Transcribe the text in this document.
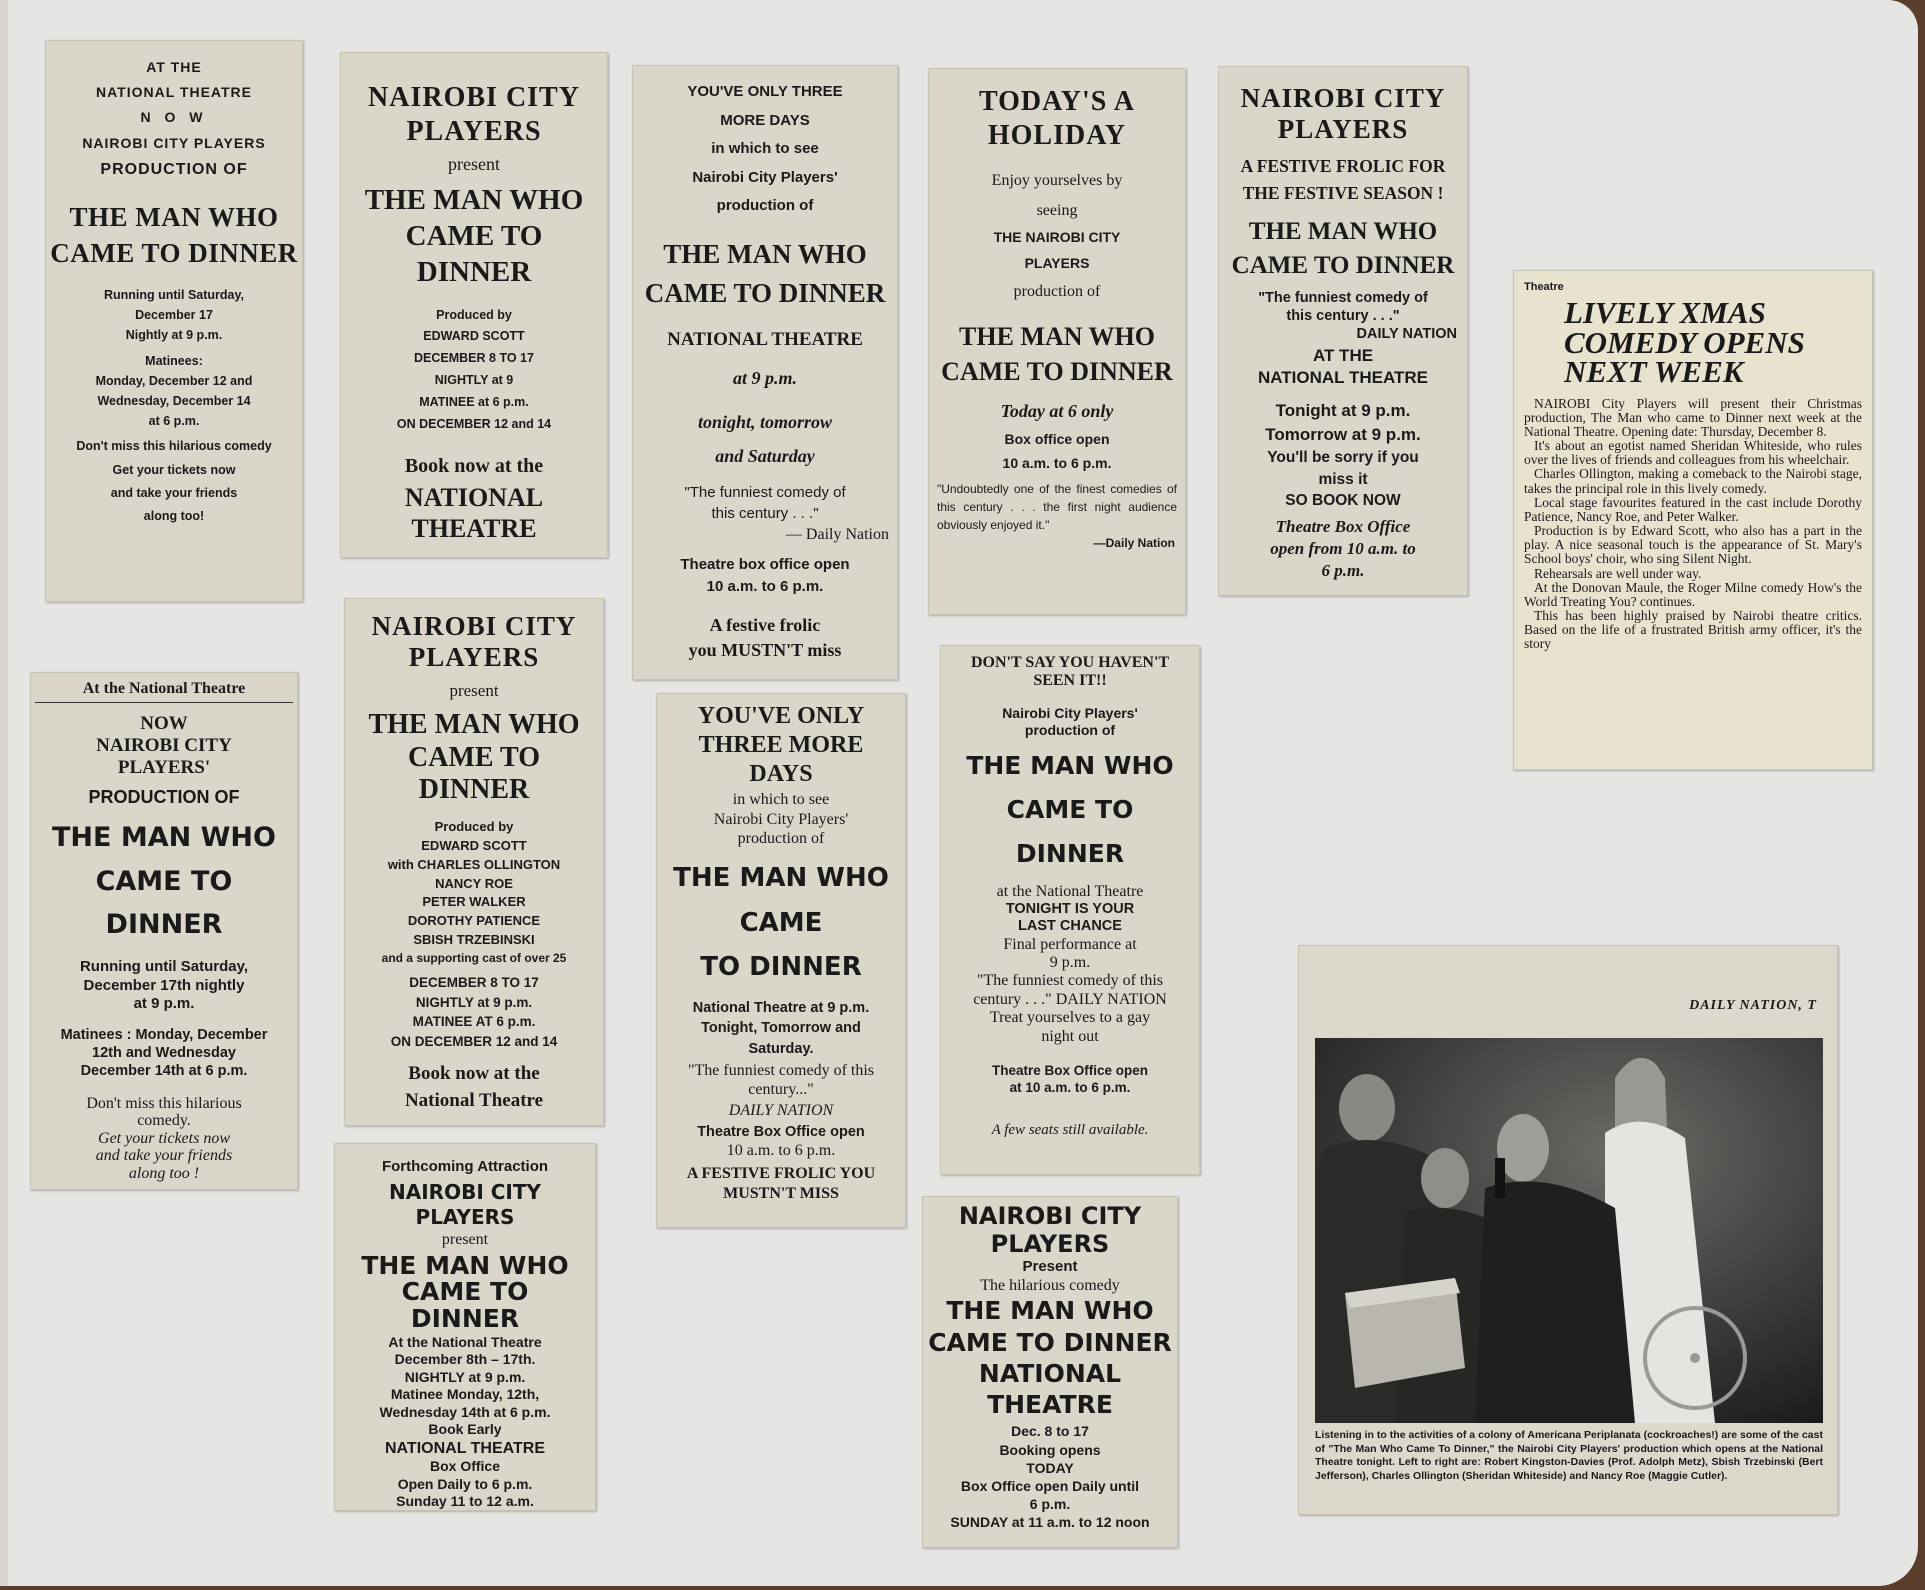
AT THE
NATIONAL THEATRE
N O W
NAIROBI CITY PLAYERS
PRODUCTION OF
THE MAN WHO
CAME TO DINNER
Running until Saturday,
December 17
Nightly at 9 p.m.
Matinees:
Monday, December 12 and
Wednesday, December 14
at 6 p.m.
Don't miss this hilarious comedy
Get your tickets now
and take your friends
along too!
NAIROBI CITY
PLAYERS
present
THE MAN WHO
CAME TO
DINNER
Produced by
EDWARD SCOTT
DECEMBER 8 TO 17
NIGHTLY at 9
MATINEE at 6 p.m.
ON DECEMBER 12 and 14
Book now at the
NATIONAL THEATRE
YOU'VE ONLY THREE
MORE DAYS
in which to see
Nairobi City Players'
production of
THE MAN WHO
CAME TO DINNER
NATIONAL THEATRE
at 9 p.m.
tonight, tomorrow
and Saturday
"The funniest comedy of
this century . . ."
— Daily Nation
Theatre box office open
10 a.m. to 6 p.m.
A festive frolic
you MUSTN'T miss
TODAY'S A
HOLIDAY
Enjoy yourselves by
seeing
THE NAIROBI CITY
PLAYERS
production of
THE MAN WHO
CAME TO DINNER
Today at 6 only
Box office open
10 a.m. to 6 p.m.
"Undoubtedly one of the finest comedies of this century . . . the first night audience obviously enjoyed it."
—Daily Nation
NAIROBI CITY
PLAYERS
A FESTIVE FROLIC FOR
THE FESTIVE SEASON !
THE MAN WHO
CAME TO DINNER
"The funniest comedy of
this century . . ."
DAILY NATION
AT THE
NATIONAL THEATRE
Tonight at 9 p.m.
Tomorrow at 9 p.m.
You'll be sorry if you
miss it
SO BOOK NOW
Theatre Box Office
open from 10 a.m. to
6 p.m.
Theatre
LIVELY XMAS
COMEDY OPENS
NEXT WEEK

NAIROBI City Players will present their Christmas production, The Man who came to Dinner next week at the National Theatre. Opening date: Thursday, December 8.

It's about an egotist named Sheridan Whiteside, who rules over the lives of friends and colleagues from his wheelchair.

Charles Ollington, making a comeback to the Nairobi stage, takes the principal role in this lively comedy.

Local stage favourites featured in the cast include Dorothy Patience, Nancy Roe, and Peter Walker.

Production is by Edward Scott, who also has a part in the play. A nice seasonal touch is the appearance of St. Mary's School boys' choir, who sing Silent Night.

Rehearsals are well under way.

At the Donovan Maule, the Roger Milne comedy How's the World Treating You? continues.

This has been highly praised by Nairobi theatre critics. Based on the life of a frustrated British army officer, it's the story

At the National Theatre
NOW
NAIROBI CITY
PLAYERS'
PRODUCTION OF
THE MAN WHO
CAME TO
DINNER
Running until Saturday,
December 17th nightly
at 9 p.m.
Matinees : Monday, December
12th and Wednesday
December 14th at 6 p.m.
Don't miss this hilarious
comedy.
Get your tickets now
and take your friends
along too !
NAIROBI CITY
PLAYERS
present
THE MAN WHO
CAME TO
DINNER
Produced by
EDWARD SCOTT
with CHARLES OLLINGTON
NANCY ROE
PETER WALKER
DOROTHY PATIENCE
SBISH TRZEBINSKI
and a supporting cast of over 25
DECEMBER 8 TO 17
NIGHTLY at 9 p.m.
MATINEE AT 6 p.m.
ON DECEMBER 12 and 14
Book now at the
National Theatre
YOU'VE ONLY
THREE MORE
DAYS
in which to see
Nairobi City Players'
production of
THE MAN WHO
CAME
TO DINNER
National Theatre at 9 p.m.
Tonight, Tomorrow and
Saturday.
"The funniest comedy of this
century..."
DAILY NATION
Theatre Box Office open
10 a.m. to 6 p.m.
A FESTIVE FROLIC YOU
MUSTN'T MISS
DON'T SAY YOU HAVEN'T
SEEN IT!!
Nairobi City Players'
production of
THE MAN WHO
CAME TO
DINNER
at the National Theatre
TONIGHT IS YOUR
LAST CHANCE
Final performance at
9 p.m.
"The funniest comedy of this
century . . ." DAILY NATION
Treat yourselves to a gay
night out
Theatre Box Office open
at 10 a.m. to 6 p.m.
A few seats still available.
Forthcoming Attraction
NAIROBI CITY
PLAYERS
present
THE MAN WHO
CAME TO
DINNER
At the National Theatre
December 8th – 17th.
NIGHTLY at 9 p.m.
Matinee Monday, 12th,
Wednesday 14th at 6 p.m.
Book Early
NATIONAL THEATRE
Box Office
Open Daily to 6 p.m.
Sunday 11 to 12 a.m.
NAIROBI CITY
PLAYERS
Present
The hilarious comedy
THE MAN WHO
CAME TO DINNER
NATIONAL
THEATRE
Dec. 8 to 17
Booking opens
TODAY
Box Office open Daily until
6 p.m.
SUNDAY at 11 a.m. to 12 noon
DAILY NATION, T
Listening in to the activities of a colony of Americana Periplanata (cockroaches!) are some of the cast of "The Man Who Came To Dinner," the Nairobi City Players' production which opens at the National Theatre tonight. Left to right are: Robert Kingston-Davies (Prof. Adolph Metz), Sbish Trzebinski (Bert Jefferson), Charles Ollington (Sheridan Whiteside) and Nancy Roe (Maggie Cutler).
